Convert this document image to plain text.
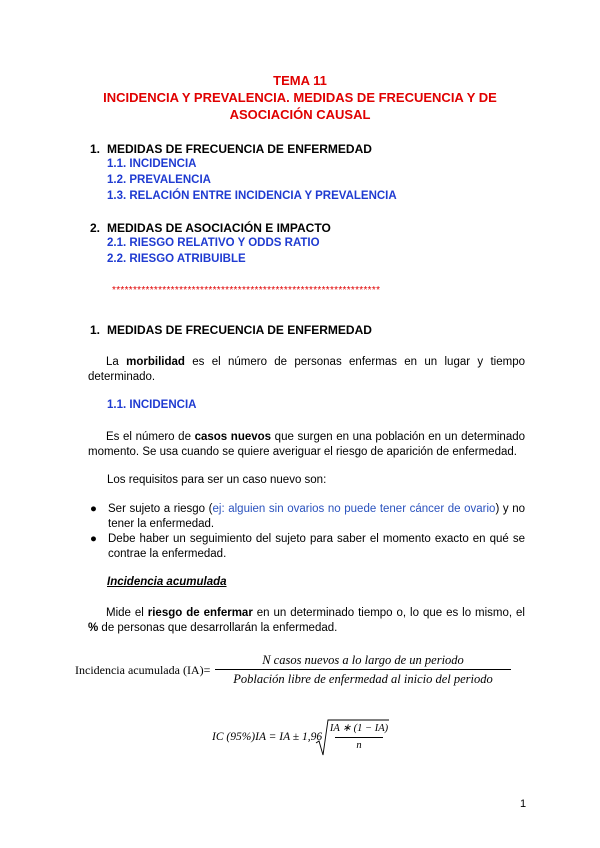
TEMA 11
INCIDENCIA Y PREVALENCIA. MEDIDAS DE FRECUENCIA Y DE
ASOCIACIÓN CAUSAL
1. MEDIDAS DE FRECUENCIA DE ENFERMEDAD
1.1. INCIDENCIA
1.2. PREVALENCIA
1.3. RELACIÓN ENTRE INCIDENCIA Y PREVALENCIA
2. MEDIDAS DE ASOCIACIÓN E IMPACTO
2.1. RIESGO RELATIVO Y ODDS RATIO
2.2. RIESGO ATRIBUIBLE
****************************************************************
1. MEDIDAS DE FRECUENCIA DE ENFERMEDAD
La morbilidad es el número de personas enfermas en un lugar y tiempo determinado.
1.1. INCIDENCIA
Es el número de casos nuevos que surgen en una población en un determinado momento. Se usa cuando se quiere averiguar el riesgo de aparición de enfermedad.
Los requisitos para ser un caso nuevo son:
● Ser sujeto a riesgo (ej: alguien sin ovarios no puede tener cáncer de ovario) y no tener la enfermedad.
● Debe haber un seguimiento del sujeto para saber el momento exacto en qué se contrae la enfermedad.
Incidencia acumulada
Mide el riesgo de enfermar en un determinado tiempo o, lo que es lo mismo, el % de personas que desarrollarán la enfermedad.
Incidencia acumulada (IA)=
N casos nuevos a lo largo de un periodo
Población libre de enfermedad al inicio del periodo
IC (95%)IA = IA ± 1,96
IA ∗ (1 − IA)
n
1
